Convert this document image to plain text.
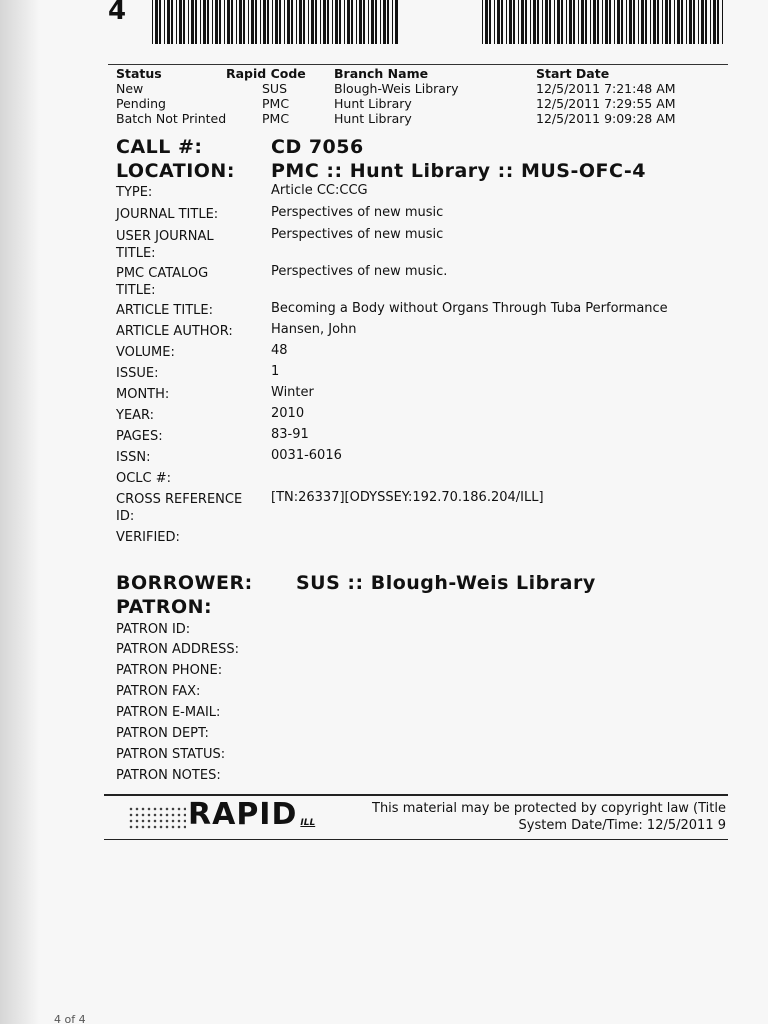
4
Status	Rapid Code Branch Name	Start Date
New	SUS	Blough-Weis Library	12/5/2011 7:21:48 AM
Pending	PMC	Hunt Library	12/5/2011 7:29:55 AM
Batch Not Printed	PMC	Hunt Library	12/5/2011 9:09:28 AM
CALL #:	CD 7056
LOCATION: PMC :: Hunt Library :: MUS-OFC-4
TYPE:	Article CC:CCG
JOURNAL TITLE:	Perspectives of new music
USER JOURNAL TITLE:
Perspectives of new music
PMC CATALOG TITLE:
Perspectives of new music.
ARTICLE TITLE:	Becoming a Body without Organs Through Tuba Performance
ARTICLE AUTHOR:	Hansen, John
VOLUME:	48
ISSUE:	1
MONTH:	Winter
YEAR:	2010
PAGES:	83-91
ISSN:	0031-6016
OCLC #:
CROSS REFERENCE ID:
[TN:26337][ODYSSEY:192.70.186.204/ILL]
VERIFIED:
BORROWER: SUS :: Blough-Weis Library
PATRON:
PATRON ID:
PATRON ADDRESS:
PATRON PHONE:
PATRON FAX:
PATRON E-MAIL:
PATRON DEPT:
PATRON STATUS:
PATRON NOTES:
RAPID ILL
This material may be protected by copyright law (Title
System Date/Time: 12/5/2011 9
4 of 4
